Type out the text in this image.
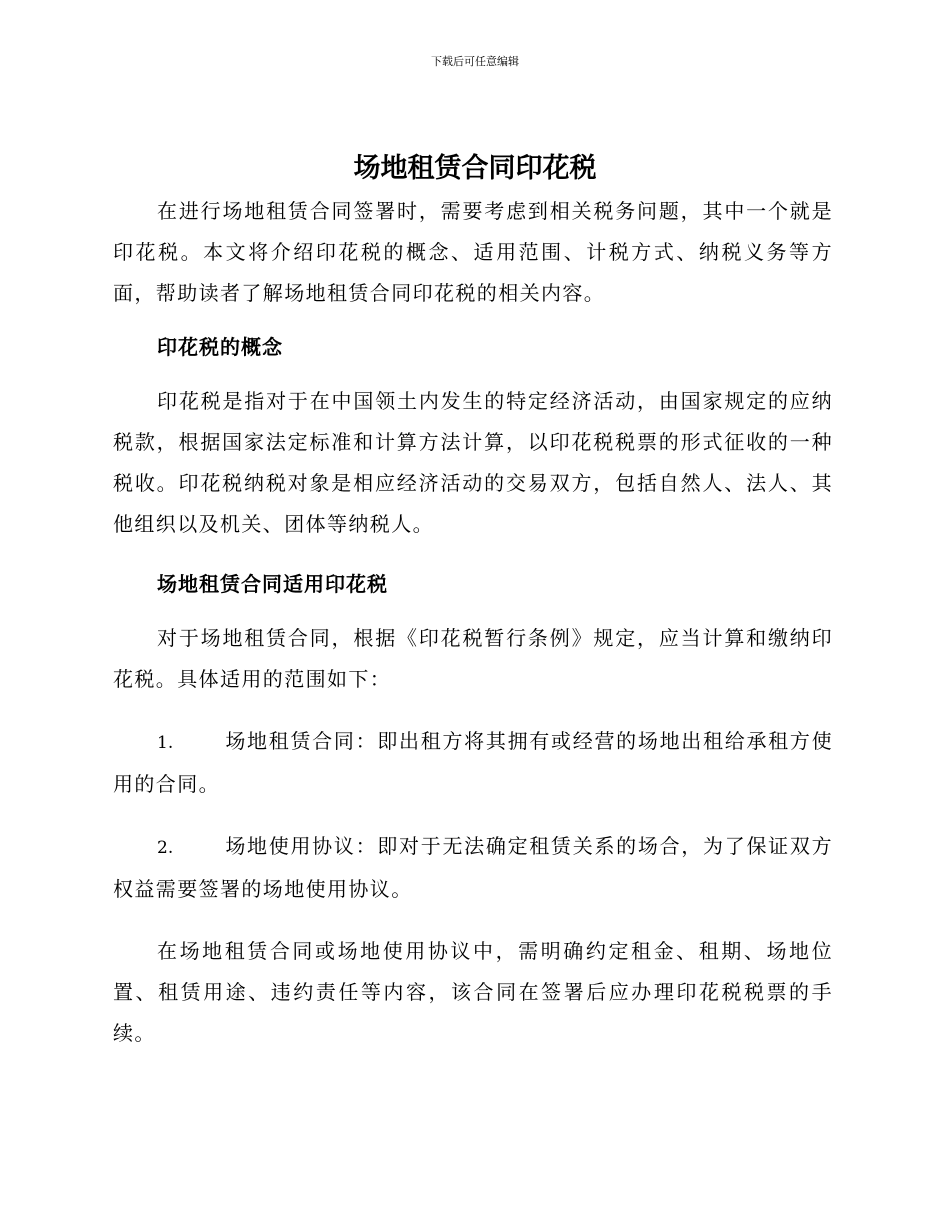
下载后可任意编辑
场地租赁合同印花税

在进行场地租赁合同签署时，需要考虑到相关税务问题，其中一个就是印花税。本文将介绍印花税的概念、适用范围、计税方式、纳税义务等方面，帮助读者了解场地租赁合同印花税的相关内容。

印花税的概念

印花税是指对于在中国领土内发生的特定经济活动，由国家规定的应纳税款，根据国家法定标准和计算方法计算，以印花税税票的形式征收的一种税收。印花税纳税对象是相应经济活动的交易双方，包括自然人、法人、其他组织以及机关、团体等纳税人。

场地租赁合同适用印花税

对于场地租赁合同，根据《印花税暂行条例》规定，应当计算和缴纳印花税。具体适用的范围如下：

1.	场地租赁合同：即出租方将其拥有或经营的场地出租给承租方使用的合同。

2.	场地使用协议：即对于无法确定租赁关系的场合，为了保证双方权益需要签署的场地使用协议。

在场地租赁合同或场地使用协议中，需明确约定租金、租期、场地位置、租赁用途、违约责任等内容，该合同在签署后应办理印花税税票的手续。
